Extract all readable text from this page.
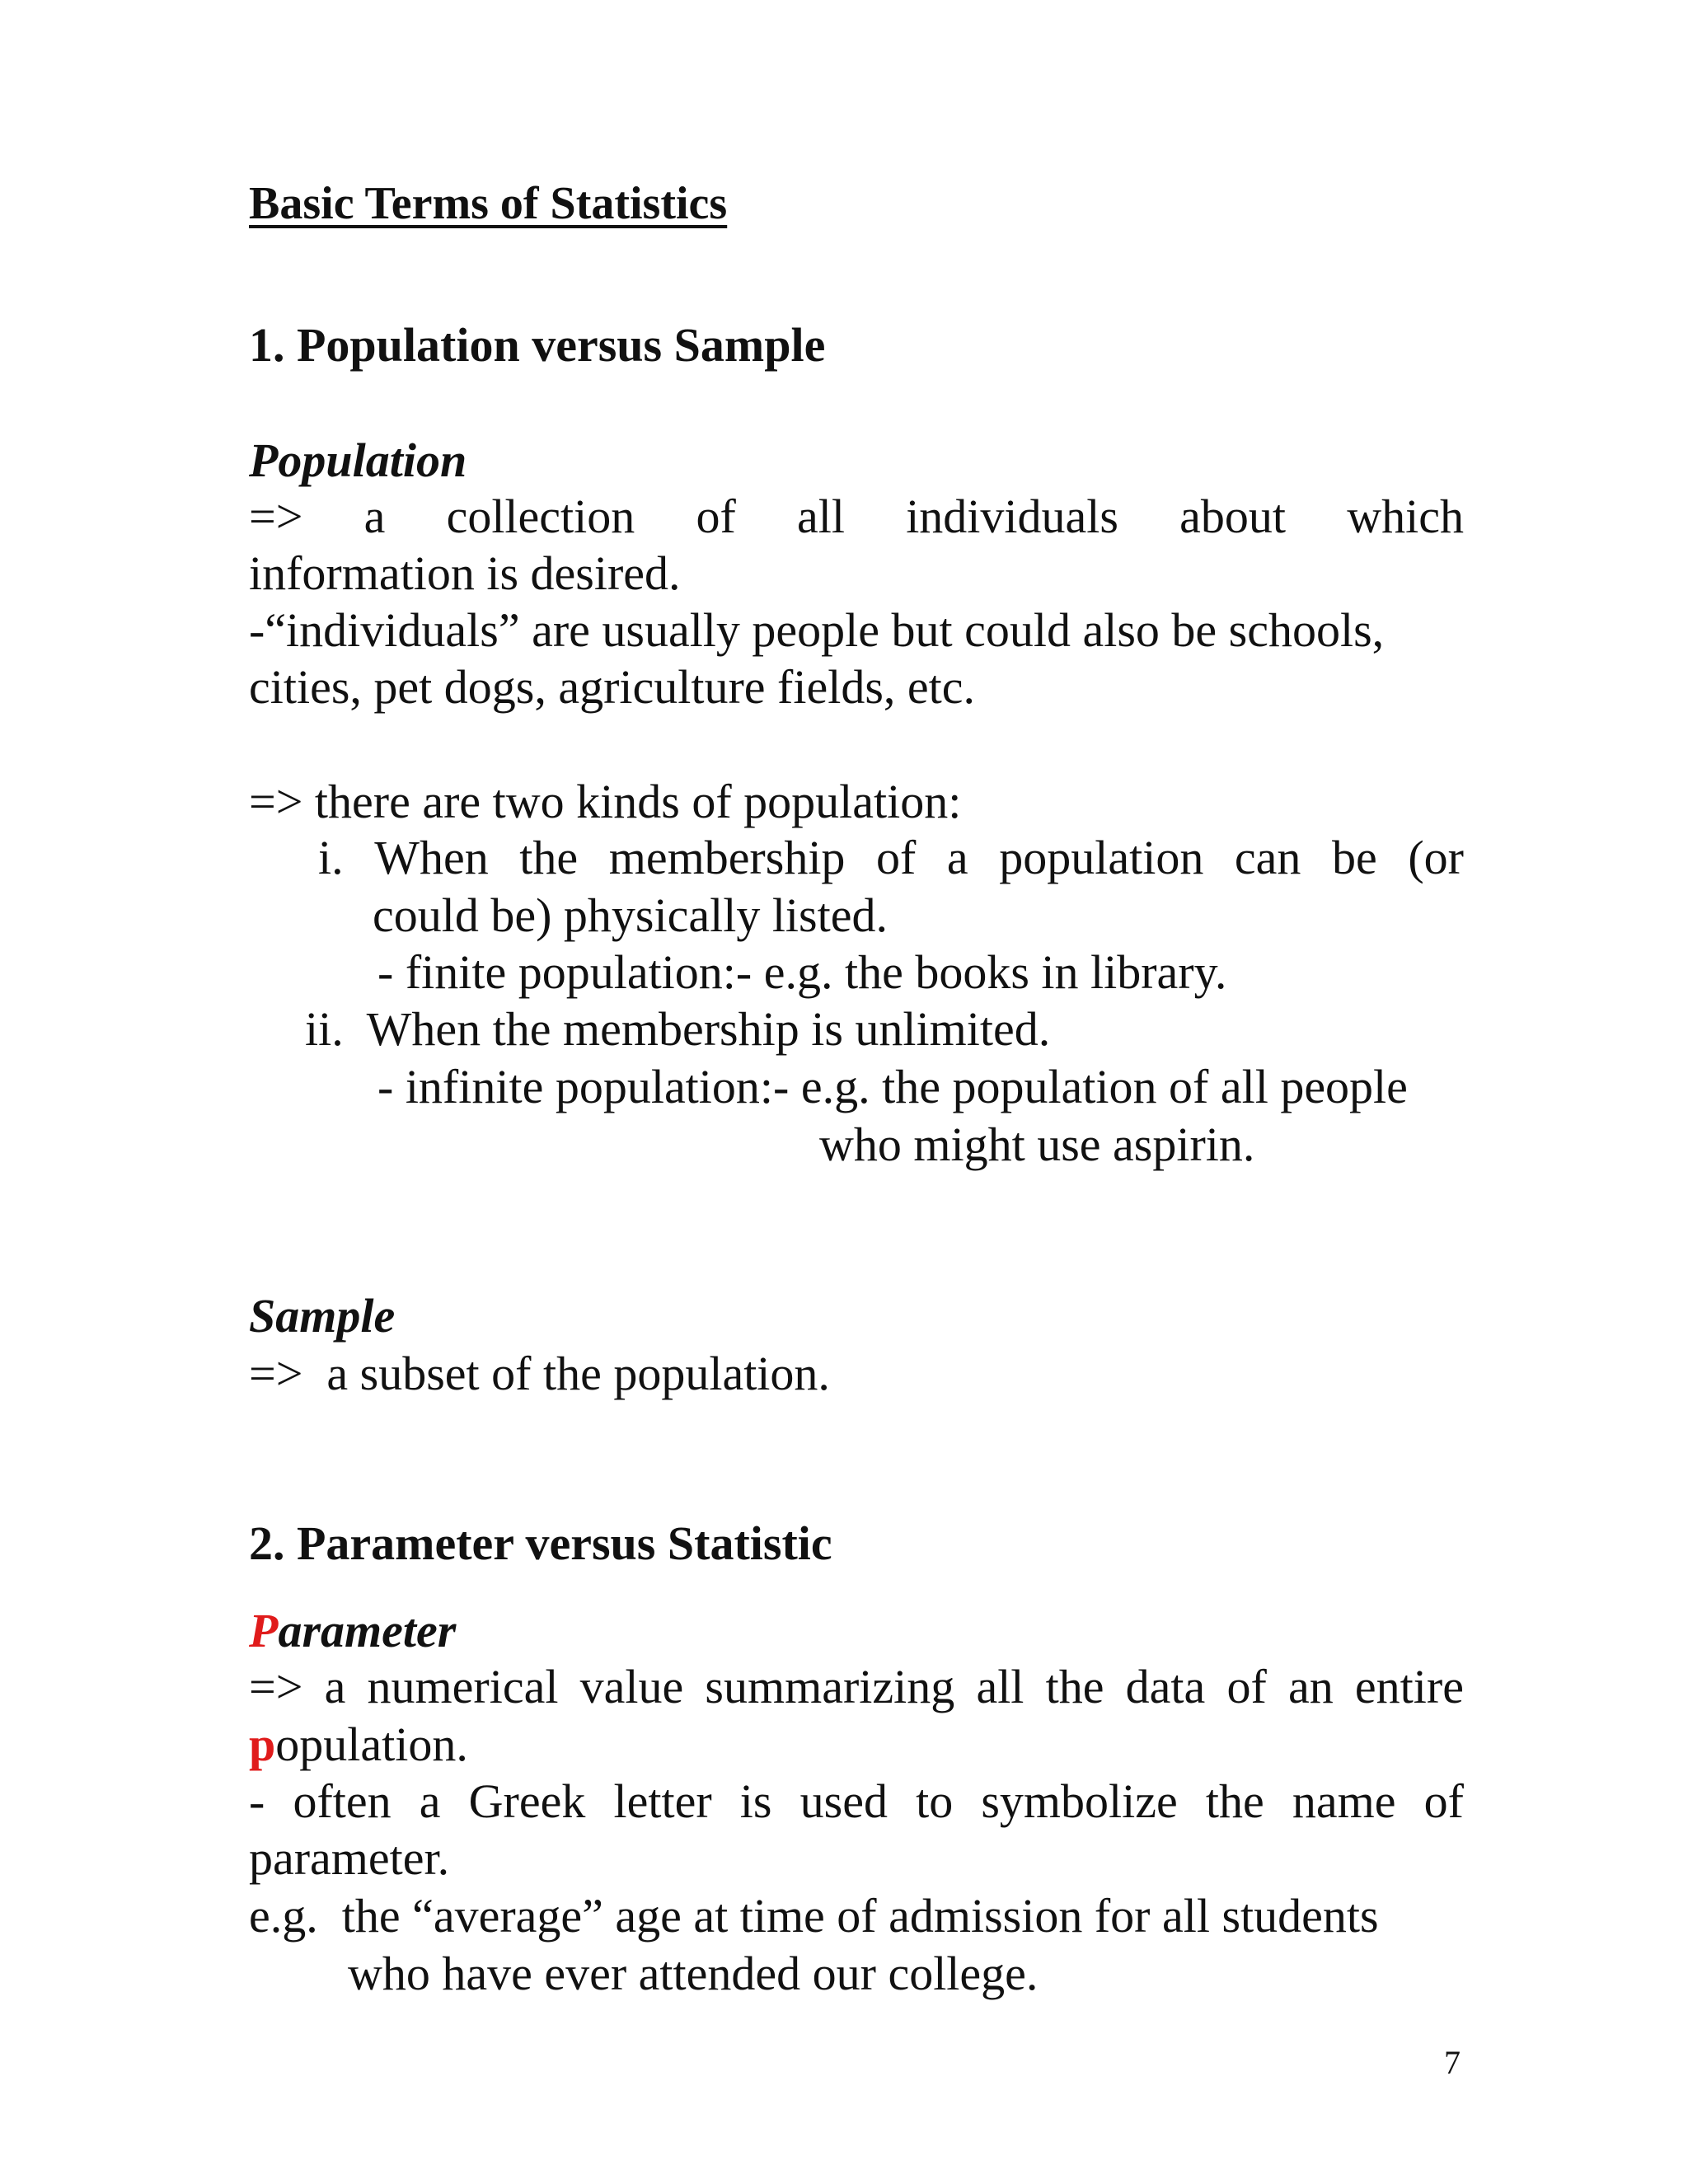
Basic Terms of Statistics
1. Population versus Sample
Population
=> a collection of all individuals about which
information is desired.
-“individuals” are usually people but could also be schools,
cities, pet dogs, agriculture fields, etc.
=> there are two kinds of population:
i. When the membership of a population can be (or
could be) physically listed.
- finite population:- e.g. the books in library.
ii.  When the membership is unlimited.
- infinite population:- e.g. the population of all people
who might use aspirin.
Sample
=>  a subset of the population.
2. Parameter versus Statistic
Parameter
=> a numerical value summarizing all the data of an entire
population.
- often a Greek letter is used to symbolize the name of
parameter.
e.g.  the “average” age at time of admission for all students
who have ever attended our college.
7
